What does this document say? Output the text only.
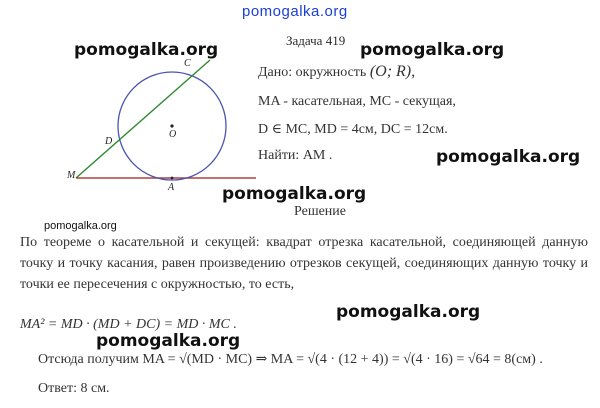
pomogalka.org
pomogalka.org	pomogalka.org
pomogalka.org
pomogalka.org
pomogalka.org
pomogalka.org
pomogalka.org
C
D
O
M
A
Задача 419
Дано: окружность (O; R),
MA - касательная, MC - секущая,
D ∈ MC, MD = 4см, DC = 12см.
Найти: AM .
Решение
По теореме о касательной и секущей: квадрат отрезка касательной, соединяющей данную точку и точку касания, равен произведению отрезков секущей, соединяющих данную точку и точки ее пересечения с окружностью, то есть,
MA² = MD · (MD + DC) = MD · MC .
Отсюда получим MA = √(MD · MC) ⇒ MA = √(4 · (12 + 4)) = √(4 · 16) = √64 = 8(см) .
Ответ: 8 см.
